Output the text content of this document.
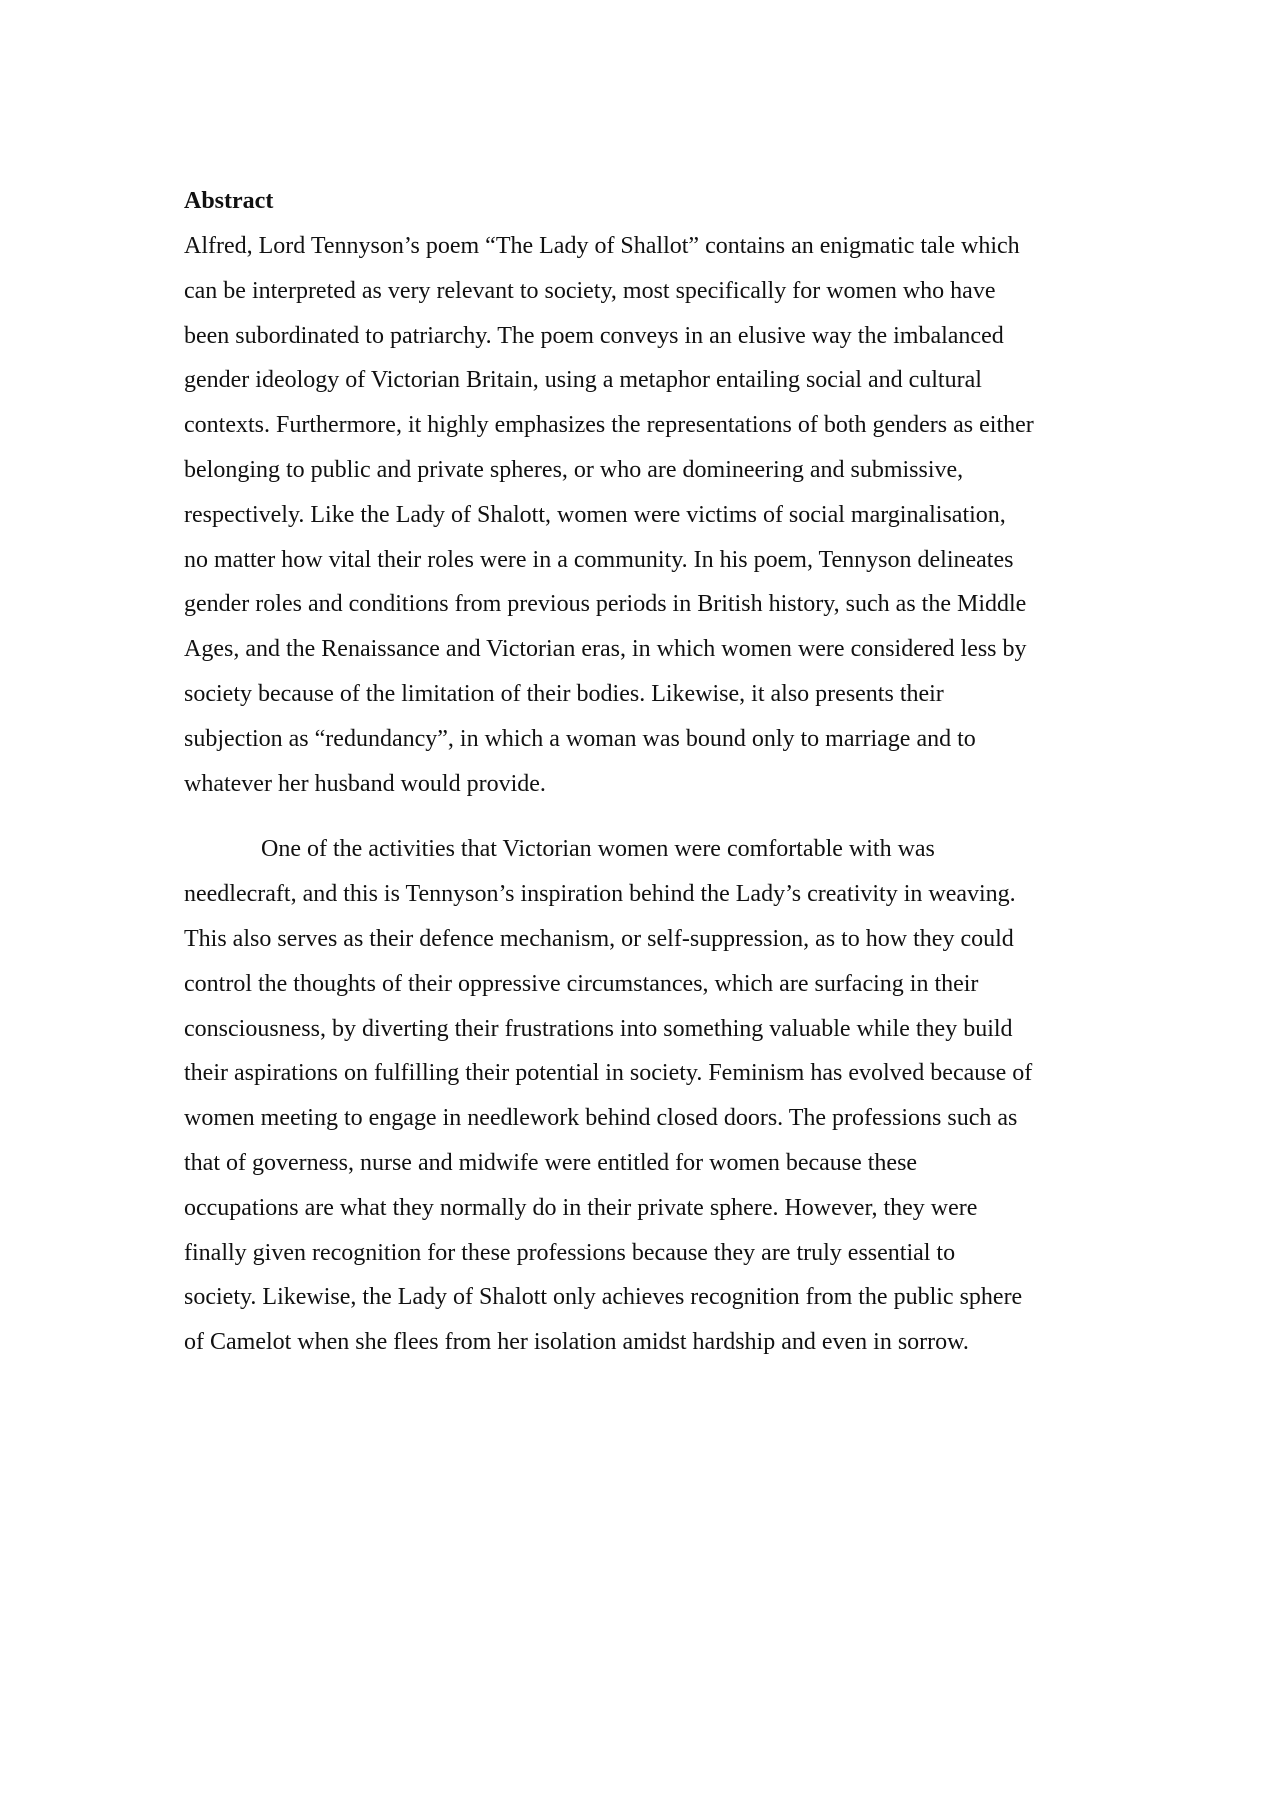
Abstract
Alfred, Lord Tennyson’s poem “The Lady of Shallot” contains an enigmatic tale which
can be interpreted as very relevant to society, most specifically for women who have
been subordinated to patriarchy. The poem conveys in an elusive way the imbalanced
gender ideology of Victorian Britain, using a metaphor entailing social and cultural
contexts. Furthermore, it highly emphasizes the representations of both genders as either
belonging to public and private spheres, or who are domineering and submissive,
respectively. Like the Lady of Shalott, women were victims of social marginalisation,
no matter how vital their roles were in a community. In his poem, Tennyson delineates
gender roles and conditions from previous periods in British history, such as the Middle
Ages, and the Renaissance and Victorian eras, in which women were considered less by
society because of the limitation of their bodies. Likewise, it also presents their
subjection as “redundancy”, in which a woman was bound only to marriage and to
whatever her husband would provide.
One of the activities that Victorian women were comfortable with was
needlecraft, and this is Tennyson’s inspiration behind the Lady’s creativity in weaving.
This also serves as their defence mechanism, or self-suppression, as to how they could
control the thoughts of their oppressive circumstances, which are surfacing in their
consciousness, by diverting their frustrations into something valuable while they build
their aspirations on fulfilling their potential in society. Feminism has evolved because of
women meeting to engage in needlework behind closed doors. The professions such as
that of governess, nurse and midwife were entitled for women because these
occupations are what they normally do in their private sphere. However, they were
finally given recognition for these professions because they are truly essential to
society. Likewise, the Lady of Shalott only achieves recognition from the public sphere
of Camelot when she flees from her isolation amidst hardship and even in sorrow.
